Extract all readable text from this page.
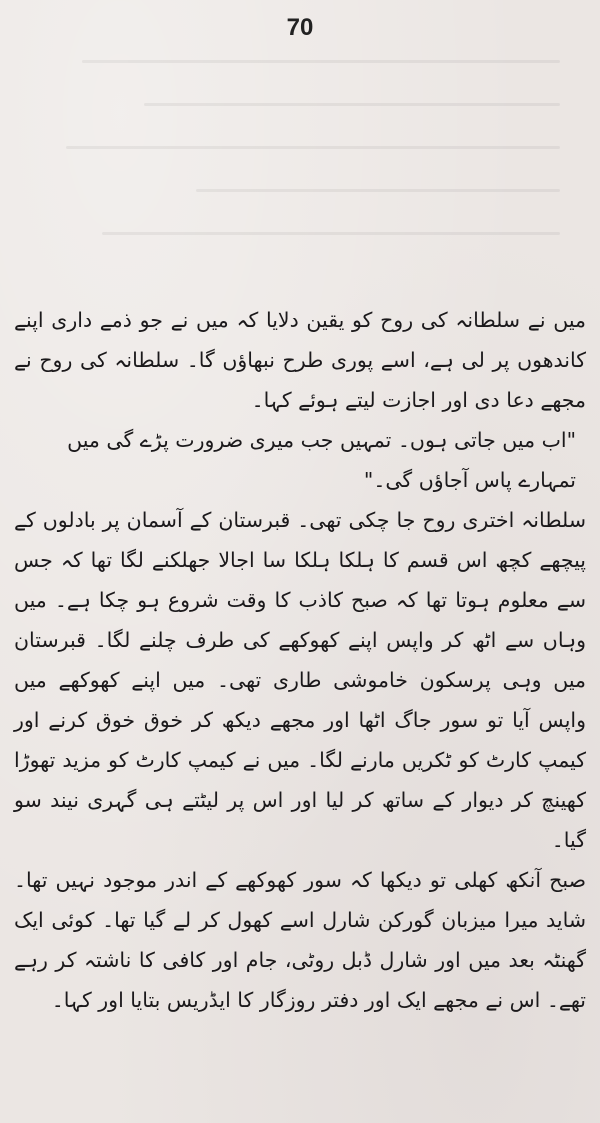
70

میں نے سلطانہ کی روح کو یقین دلایا کہ میں نے جو ذمے داری اپنے کاندھوں پر لی ہے، اسے پوری طرح نبھاؤں گا۔ سلطانہ کی روح نے مجھے دعا دی اور اجازت لیتے ہوئے کہا۔

"اب میں جاتی ہوں۔ تمہیں جب میری ضرورت پڑے گی میں تمہارے پاس آجاؤں گی۔"

سلطانہ اختری روح جا چکی تھی۔ قبرستان کے آسمان پر بادلوں کے پیچھے کچھ اس قسم کا ہلکا ہلکا سا اجالا جھلکنے لگا تھا کہ جس سے معلوم ہوتا تھا کہ صبح کاذب کا وقت شروع ہو چکا ہے۔ میں وہاں سے اٹھ کر واپس اپنے کھوکھے کی طرف چلنے لگا۔ قبرستان میں وہی پرسکون خاموشی طاری تھی۔ میں اپنے کھوکھے میں واپس آیا تو سور جاگ اٹھا اور مجھے دیکھ کر خوق خوق کرنے اور کیمپ کارٹ کو ٹکریں مارنے لگا۔ میں نے کیمپ کارٹ کو مزید تھوڑا کھینچ کر دیوار کے ساتھ کر لیا اور اس پر لیٹتے ہی گہری نیند سو گیا۔

صبح آنکھ کھلی تو دیکھا کہ سور کھوکھے کے اندر موجود نہیں تھا۔ شاید میرا میزبان گورکن شارل اسے کھول کر لے گیا تھا۔ کوئی ایک گھنٹہ بعد میں اور شارل ڈبل روٹی، جام اور کافی کا ناشتہ کر رہے تھے۔ اس نے مجھے ایک اور دفتر روزگار کا ایڈریس بتایا اور کہا۔
